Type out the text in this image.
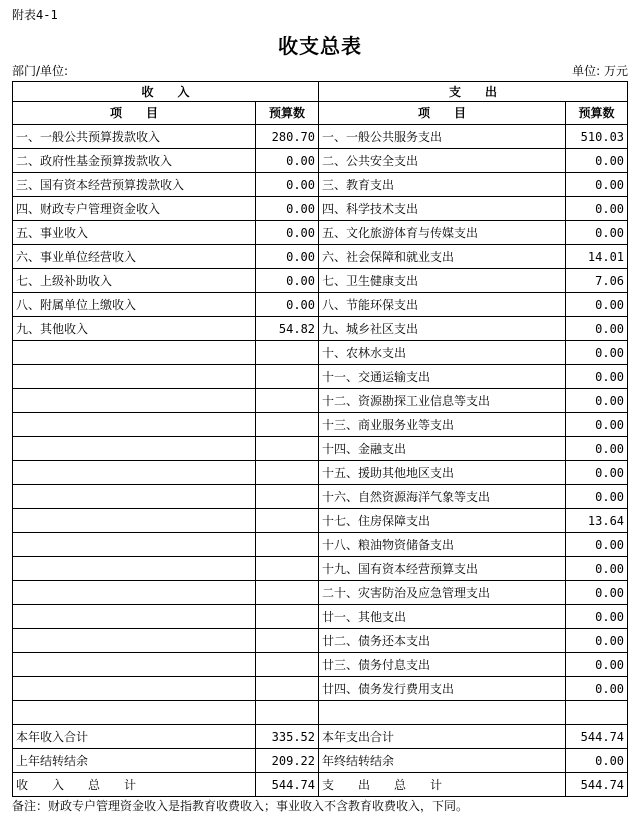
附表4-1
收支总表
部门/单位:	单位: 万元
收　　入		支　　出	
项　　目	预算数	项　　目	预算数
一、一般公共预算拨款收入	280.70	一、一般公共服务支出	510.03
二、政府性基金预算拨款收入	0.00	二、公共安全支出	0.00
三、国有资本经营预算拨款收入	0.00	三、教育支出	0.00
四、财政专户管理资金收入	0.00	四、科学技术支出	0.00
五、事业收入	0.00	五、文化旅游体育与传媒支出	0.00
六、事业单位经营收入	0.00	六、社会保障和就业支出	14.01
七、上级补助收入	0.00	七、卫生健康支出	7.06
八、附属单位上缴收入	0.00	八、节能环保支出	0.00
九、其他收入	54.82	九、城乡社区支出	0.00
		十、农林水支出	0.00
		十一、交通运输支出	0.00
		十二、资源勘探工业信息等支出	0.00
		十三、商业服务业等支出	0.00
		十四、金融支出	0.00
		十五、援助其他地区支出	0.00
		十六、自然资源海洋气象等支出	0.00
		十七、住房保障支出	13.64
		十八、粮油物资储备支出	0.00
		十九、国有资本经营预算支出	0.00
		二十、灾害防治及应急管理支出	0.00
		廿一、其他支出	0.00
		廿二、债务还本支出	0.00
		廿三、债务付息支出	0.00
		廿四、债务发行费用支出	0.00

本年收入合计	335.52	本年支出合计	544.74
上年结转结余	209.22	年终结转结余	0.00
收　　入　　总　　计	544.74	支　　出　　总　　计	544.74
备注：财政专户管理资金收入是指教育收费收入；事业收入不含教育收费收入，下同。
